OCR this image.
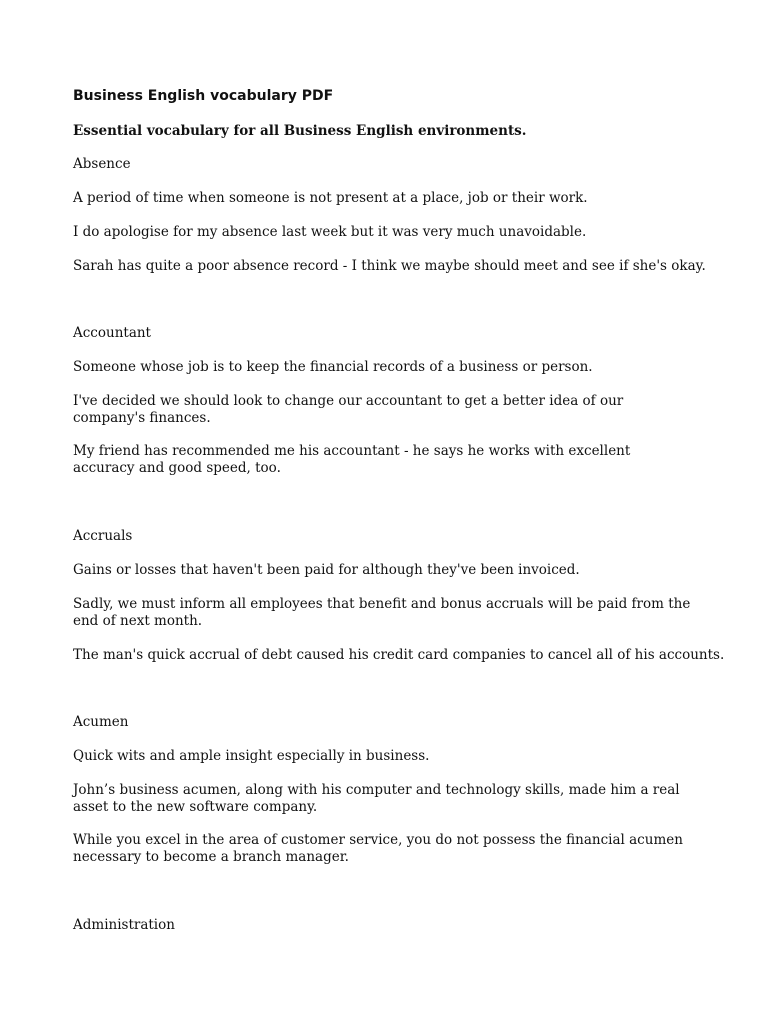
Business English vocabulary PDF

Essential vocabulary for all Business English environments.

Absence

A period of time when someone is not present at a place, job or their work.

I do apologise for my absence last week but it was very much unavoidable.

Sarah has quite a poor absence record - I think we maybe should meet and see if she's okay.

Accountant

Someone whose job is to keep the financial records of a business or person.

I've decided we should look to change our accountant to get a better idea of our company's finances.

My friend has recommended me his accountant - he says he works with excellent accuracy and good speed, too.

Accruals

Gains or losses that haven't been paid for although they've been invoiced.

Sadly, we must inform all employees that benefit and bonus accruals will be paid from the end of next month.

The man's quick accrual of debt caused his credit card companies to cancel all of his accounts.

Acumen

Quick wits and ample insight especially in business.

John’s business acumen, along with his computer and technology skills, made him a real asset to the new software company.

While you excel in the area of customer service, you do not possess the financial acumen necessary to become a branch manager.

Administration
